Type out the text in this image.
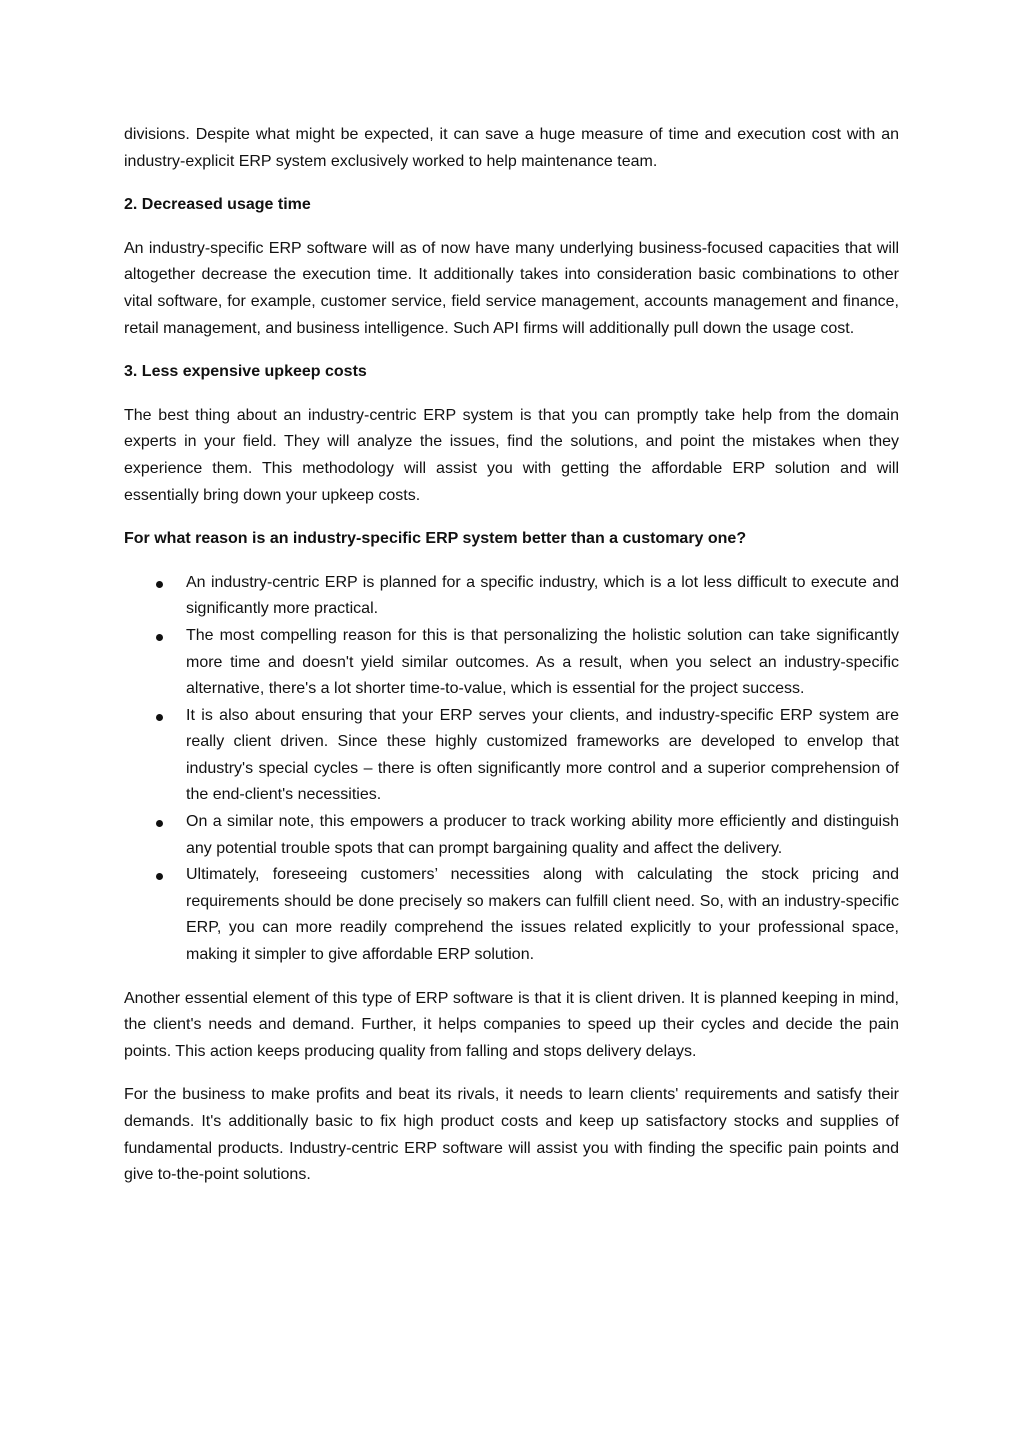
divisions. Despite what might be expected, it can save a huge measure of time and execution cost with an industry-explicit ERP system exclusively worked to help maintenance team.

2. Decreased usage time

An industry-specific ERP software will as of now have many underlying business-focused capacities that will altogether decrease the execution time. It additionally takes into consideration basic combinations to other vital software, for example, customer service, field service management, accounts management and finance, retail management, and business intelligence. Such API firms will additionally pull down the usage cost.

3. Less expensive upkeep costs

The best thing about an industry-centric ERP system is that you can promptly take help from the domain experts in your field. They will analyze the issues, find the solutions, and point the mistakes when they experience them. This methodology will assist you with getting the affordable ERP solution and will essentially bring down your upkeep costs.

For what reason is an industry-specific ERP system better than a customary one?
An industry-centric ERP is planned for a specific industry, which is a lot less difficult to execute and significantly more practical.
The most compelling reason for this is that personalizing the holistic solution can take significantly more time and doesn't yield similar outcomes. As a result, when you select an industry-specific alternative, there's a lot shorter time-to-value, which is essential for the project success.
It is also about ensuring that your ERP serves your clients, and industry-specific ERP system are really client driven. Since these highly customized frameworks are developed to envelop that industry's special cycles – there is often significantly more control and a superior comprehension of the end-client's necessities.
On a similar note, this empowers a producer to track working ability more efficiently and distinguish any potential trouble spots that can prompt bargaining quality and affect the delivery.
Ultimately, foreseeing customers’ necessities along with calculating the stock pricing and requirements should be done precisely so makers can fulfill client need. So, with an industry-specific ERP, you can more readily comprehend the issues related explicitly to your professional space, making it simpler to give affordable ERP solution.

Another essential element of this type of ERP software is that it is client driven. It is planned keeping in mind, the client's needs and demand. Further, it helps companies to speed up their cycles and decide the pain points. This action keeps producing quality from falling and stops delivery delays.

For the business to make profits and beat its rivals, it needs to learn clients' requirements and satisfy their demands. It's additionally basic to fix high product costs and keep up satisfactory stocks and supplies of fundamental products. Industry-centric ERP software will assist you with finding the specific pain points and give to-the-point solutions.
